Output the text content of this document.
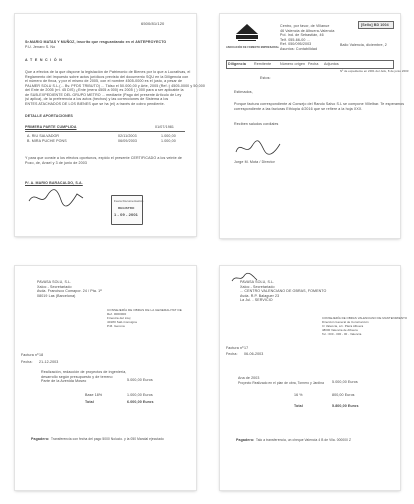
6500/81/120
Sr.MARIO MATAS Y MUÑOZ, inscrito que resguardando en el ANTEPROYECTO
P.U. Jenaro S. No
A T E N C I Ó N
Que a efectos de la que dispone la legislación de Patrimonio de Bienes por lo que a Lucrativas, el
Reglamento del Impuesto sobre actos jurídicos previsto del documento SQU en la Diligencia con
el número de finca, y por el mismo de 2005, con el nombre 4505-0000 es el justo, a pesar de
PALMER SOLU S.L.(... Bv. PFDS TRIBUTO) ... Tálso el 50.000,00 y Arte, 2005 (Ref.:) 4505-0000 y 50,000
del Ente de 2005 (rrl. 45 DIS) ¿Ente (mera 4505 a 000) es 2005 ( ) 000 para a ser aplicable la
de SUB-EXPEDIENTE DEL GRUPO METRO ... mediante (Pago del presente Artículo de Ley
(si aplica), de la preferencia a los actos (hechos) y las correcciones de Sistema a los
ENTES ATACHADOS DE LOS BIENES que se ha (el) a través de cobro pendiente.
DETALLE APORTACIONES
PRIMERA PARTE CUMPLIDA	01/07/1981
A. RIU SALVADOR	02/11/2003	1.000,00
B. MIRA PUCHE PONS	06/09/2003	1.000,00
Y para que conste a los efectos oportunos, expido el presente CERTIFICADO a los veinte de
Pozo, de, Ansel y 3 de junio de 2003
P/. A. MARIO BARACALDO, S.A.
Fuera Documentación
REGISTRO
1 - 09 - 2001
ASOCIACIÓN DE FOMENTO EMPRESARIAL
Centro, por favor, de Villanue
46 Valencia de Albuera-Valencia
Pol. Ind. de Sebastián, 46
Telf. 055-66-00 ...
Ref. 050/095/2003
Asuntos: Contabilidad
[Sello] BD 1004
Bailo Valencia, diciembre, 2
Diligencia Remitente Número origen Fecha Adjuntos
Nº de expediente en 2001 del Jefe, 8 de junio 2003
Estos:
Estimados,
Porque factura correspondiente al Consejo del Rando Salvo S.L se compone Villelbar. Te esperamos
correspondiente a las facturas Ethiopia 4/2016 que se refiere a la hoja XXX.
Reciben saludos cordiales
Jorge M. Mota / Director
PAVASA SOLU, S.L.
Xaloc - Secretariado
Avda. Francisco Comapor. 24 / Pta. 1ª
08019 Las (Barcelona)
CONSEJERÍA DE OBRAS DE LA GENERALITAT DE
Ref. 0000000
Finestra del Lluç
40180 Salt-Consigna
P.M. Gerona
Factura nº 18
Fecha: 21-12-2003
Realización, redacción de proyectos de ingeniería,
desarrollo según presupuesto y de terreno
Parte de la Avenida Moseo	5.000,00 Euros
Base 18%	1.000,00 Euros
Total	6.000,00 Euros
Pagadero: Transferencia con fecha del pago 5000 Nolucio. y la 050 Mandal ejecutado
PAVASA SOLU, S.L.
Xaloc - Secretariado
... CENTRO VALENCIANO DE OBRAS, FOMENTO
Avda. R.P. Balaguer 23
La Jul. - SERVICIO
CONSEJERÍA DE OBRAS VALENCIANO DE MANTENIMIENTO
Dirección General de Construcción
C/ Valencia, s/n. Plaza Albuera
48000 Valencia de Albuera
Tel.: 000 - 000 - 00 - Valencia
Factura nº 17
Fecha: 06-06-2003
Ana de 2003
Proyecto Realizado en el plan de obra, Tornero y Jardina 5.000,00 Euros
16 %	800,00 Euros
Total	5.800,00 Euros
Pagadero: Talo a transferencia, un cheque Valencia 4 B de Vila. 000000 Z
